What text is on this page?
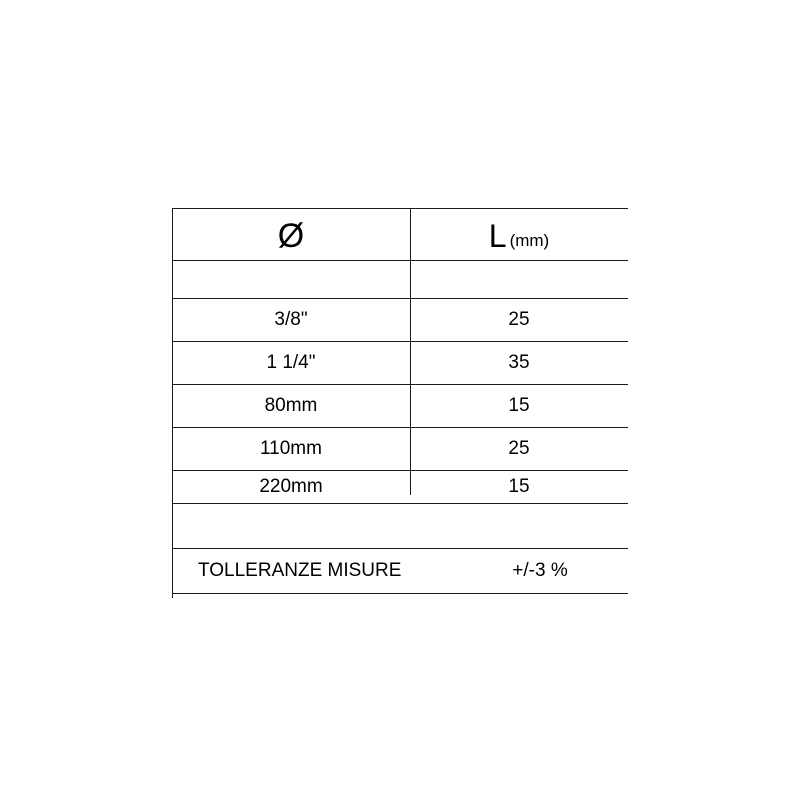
Ø	L (mm)
3/8"	25
1 1/4"	35
80mm	15
110mm	25
220mm	15
TOLLERANZE MISURE	+/-3 %
